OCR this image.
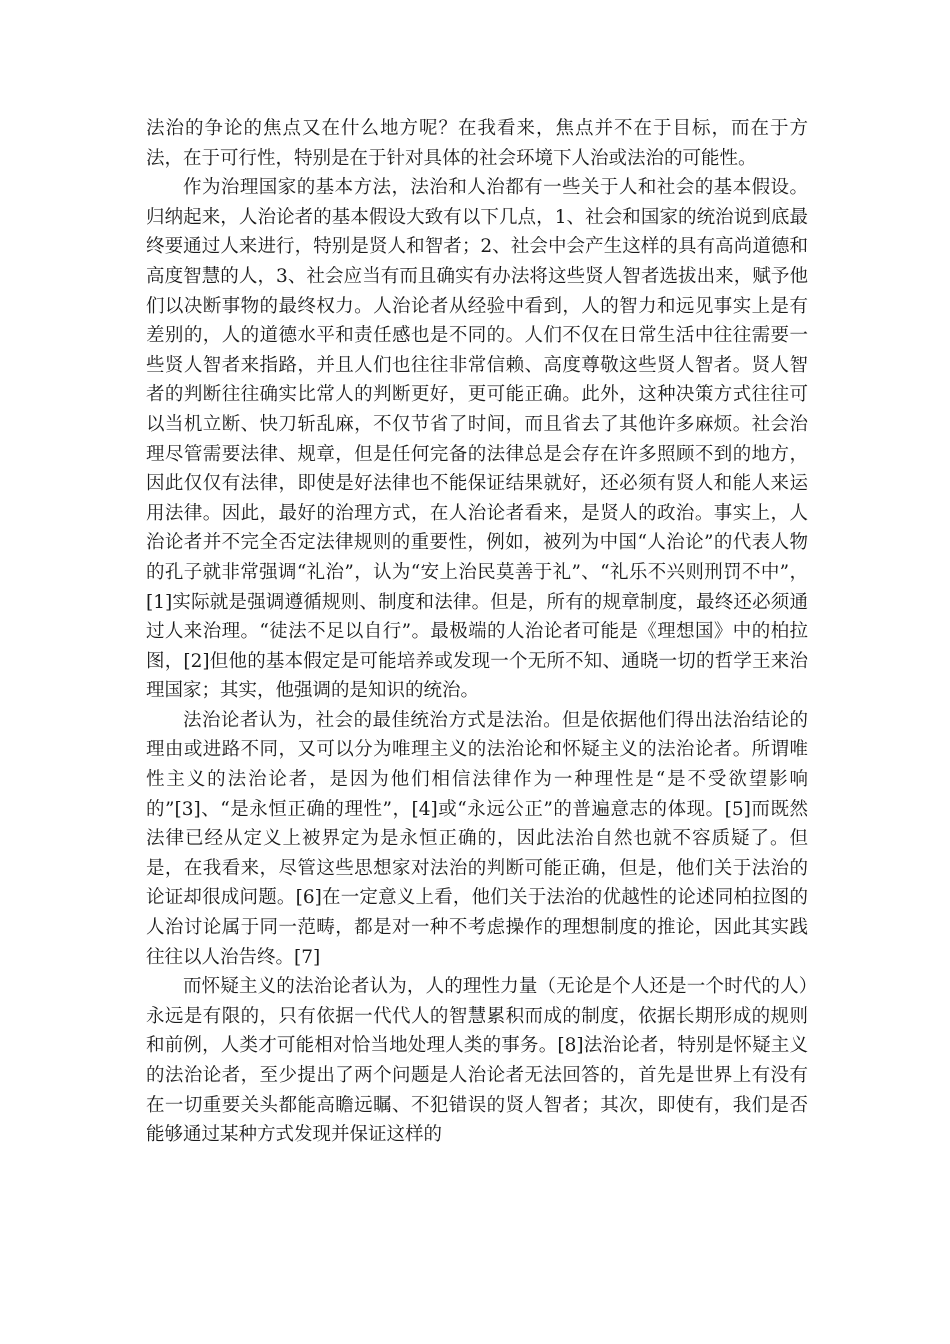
法治的争论的焦点又在什么地方呢？在我看来，焦点并不在于目标，而在于方法，在于可行性，特别是在于针对具体的社会环境下人治或法治的可能性。

作为治理国家的基本方法，法治和人治都有一些关于人和社会的基本假设。归纳起来，人治论者的基本假设大致有以下几点，1、社会和国家的统治说到底最终要通过人来进行，特别是贤人和智者；2、社会中会产生这样的具有高尚道德和高度智慧的人，3、社会应当有而且确实有办法将这些贤人智者选拔出来，赋予他们以决断事物的最终权力。人治论者从经验中看到，人的智力和远见事实上是有差别的，人的道德水平和责任感也是不同的。人们不仅在日常生活中往往需要一些贤人智者来指路，并且人们也往往非常信赖、高度尊敬这些贤人智者。贤人智者的判断往往确实比常人的判断更好，更可能正确。此外，这种决策方式往往可以当机立断、快刀斩乱麻，不仅节省了时间，而且省去了其他许多麻烦。社会治理尽管需要法律、规章，但是任何完备的法律总是会存在许多照顾不到的地方，因此仅仅有法律，即使是好法律也不能保证结果就好，还必须有贤人和能人来运用法律。因此，最好的治理方式，在人治论者看来，是贤人的政治。事实上，人治论者并不完全否定法律规则的重要性，例如，被列为中国“人治论”的代表人物的孔子就非常强调“礼治”，认为“安上治民莫善于礼”、“礼乐不兴则刑罚不中”，[1]实际就是强调遵循规则、制度和法律。但是，所有的规章制度，最终还必须通过人来治理。“徒法不足以自行”。最极端的人治论者可能是《理想国》中的柏拉图，[2]但他的基本假定是可能培养或发现一个无所不知、通晓一切的哲学王来治理国家；其实，他强调的是知识的统治。

法治论者认为，社会的最佳统治方式是法治。但是依据他们得出法治结论的理由或进路不同，又可以分为唯理主义的法治论和怀疑主义的法治论者。所谓唯性主义的法治论者，是因为他们相信法律作为一种理性是“是不受欲望影响的”[3]、“是永恒正确的理性”，[4]或“永远公正”的普遍意志的体现。[5]而既然法律已经从定义上被界定为是永恒正确的，因此法治自然也就不容质疑了。但是，在我看来，尽管这些思想家对法治的判断可能正确，但是，他们关于法治的论证却很成问题。[6]在一定意义上看，他们关于法治的优越性的论述同柏拉图的人治讨论属于同一范畴，都是对一种不考虑操作的理想制度的推论，因此其实践往往以人治告终。[7]

而怀疑主义的法治论者认为，人的理性力量（无论是个人还是一个时代的人）永远是有限的，只有依据一代代人的智慧累积而成的制度，依据长期形成的规则和前例，人类才可能相对恰当地处理人类的事务。[8]法治论者，特别是怀疑主义的法治论者，至少提出了两个问题是人治论者无法回答的，首先是世界上有没有在一切重要关头都能高瞻远瞩、不犯错误的贤人智者；其次，即使有，我们是否能够通过某种方式发现并保证这样的
